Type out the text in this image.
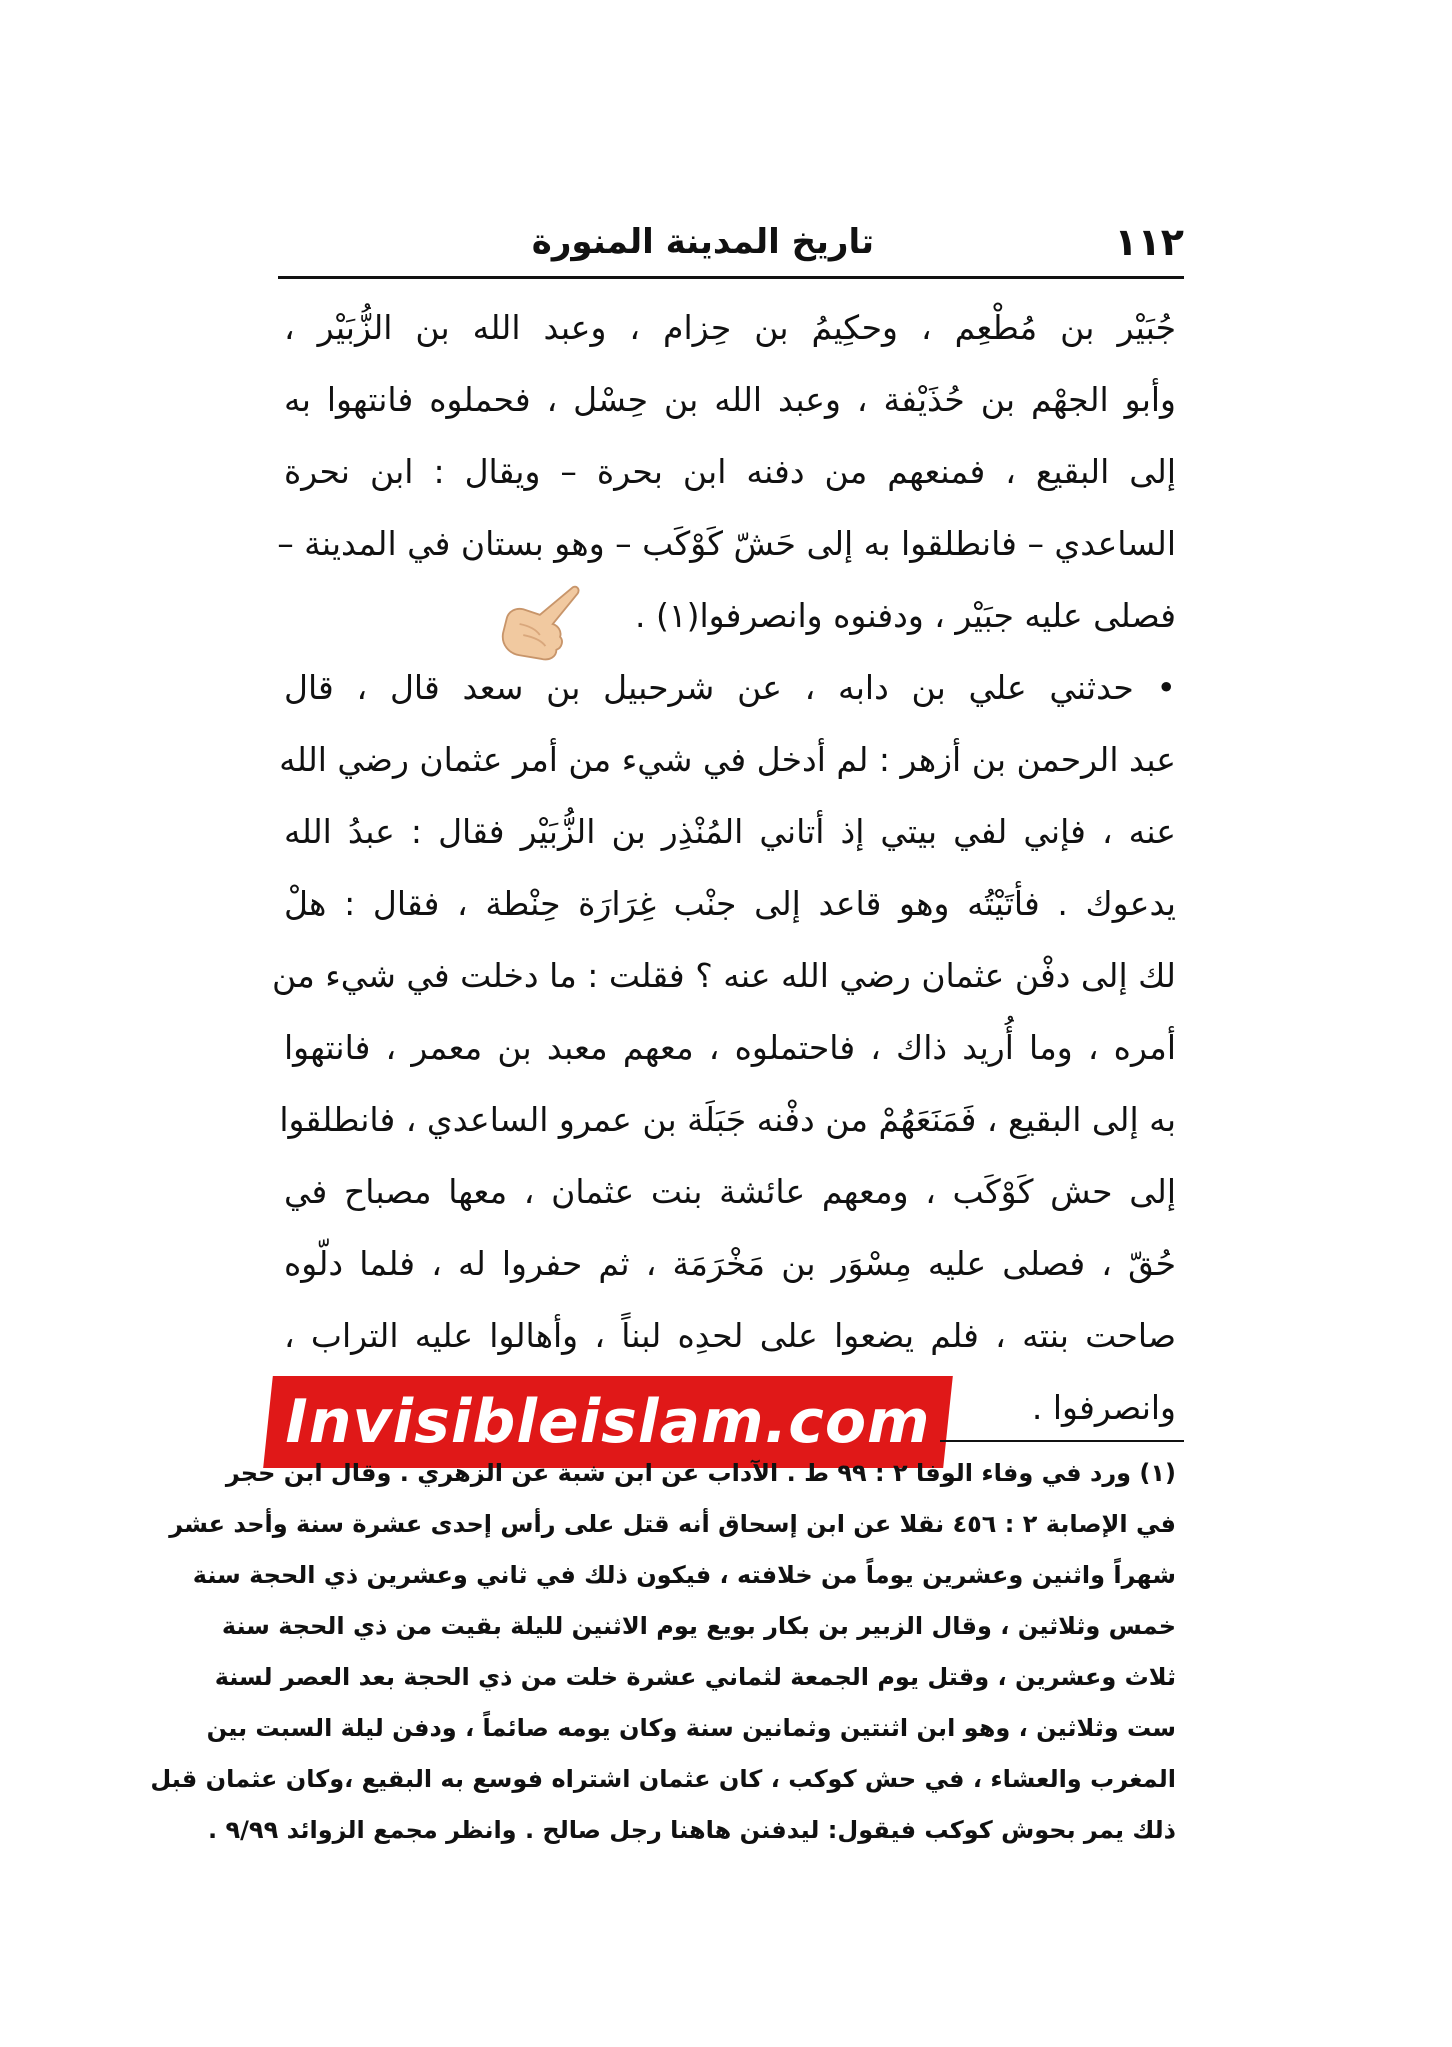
١١٢
تاريخ المدينة المنورة
جُبَيْر بن مُطْعِم ، وحكِيمُ بن حِزام ، وعبد الله بن الزُّبَيْر ،
وأبو الجهْم بن حُذَيْفة ، وعبد الله بن حِسْل ، فحملوه فانتهوا به
إلى البقيع ، فمنعهم من دفنه ابن بحرة – ويقال : ابن نحرة
الساعدي – فانطلقوا به إلى حَشّ كَوْكَب – وهو بستان في المدينة –
فصلى عليه جبَيْر ، ودفنوه وانصرفوا(١) .
• حدثني علي بن دابه ، عن شرحبيل بن سعد قال ، قال
عبد الرحمن بن أزهر : لم أدخل في شيء من أمر عثمان رضي الله
عنه ، فإني لفي بيتي إذ أتاني المُنْذِر بن الزُّبَيْر فقال : عبدُ الله
يدعوك . فأتَيْتُه وهو قاعد إلى جنْب غِرَارَة حِنْطة ، فقال : هلْ
لك إلى دفْن عثمان رضي الله عنه ؟ فقلت : ما دخلت في شيء من
أمره ، وما أُريد ذاك ، فاحتملوه ، معهم معبد بن معمر ، فانتهوا
به إلى البقيع ، فَمَنَعَهُمْ من دفْنه جَبَلَة بن عمرو الساعدي ، فانطلقوا
إلى حش كَوْكَب ، ومعهم عائشة بنت عثمان ، معها مصباح في
حُقّ ، فصلى عليه مِسْوَر بن مَخْرَمَة ، ثم حفروا له ، فلما دلّوه
صاحت بنته ، فلم يضعوا على لحدِه لبناً ، وأهالوا عليه التراب ،
وانصرفوا .
Invisibleislam.com
(١) ورد في وفاء الوفا ٢ : ٩٩ ط . الآداب عن ابن شبة عن الزهري . وقال ابن حجر
في الإصابة ٢ : ٤٥٦ نقلا عن ابن إسحاق أنه قتل على رأس إحدى عشرة سنة وأحد عشر
شهراً واثنين وعشرين يوماً من خلافته ، فيكون ذلك في ثاني وعشرين ذي الحجة سنة
خمس وثلاثين ، وقال الزبير بن بكار بويع يوم الاثنين لليلة بقيت من ذي الحجة سنة
ثلاث وعشرين ، وقتل يوم الجمعة لثماني عشرة خلت من ذي الحجة بعد العصر لسنة
ست وثلاثين ، وهو ابن اثنتين وثمانين سنة وكان يومه صائماً ، ودفن ليلة السبت بين
المغرب والعشاء ، في حش كوكب ، كان عثمان اشتراه فوسع به البقيع ،وكان عثمان قبل
ذلك يمر بحوش كوكب فيقول: ليدفنن هاهنا رجل صالح . وانظر مجمع الزوائد ٩/٩٩ .
